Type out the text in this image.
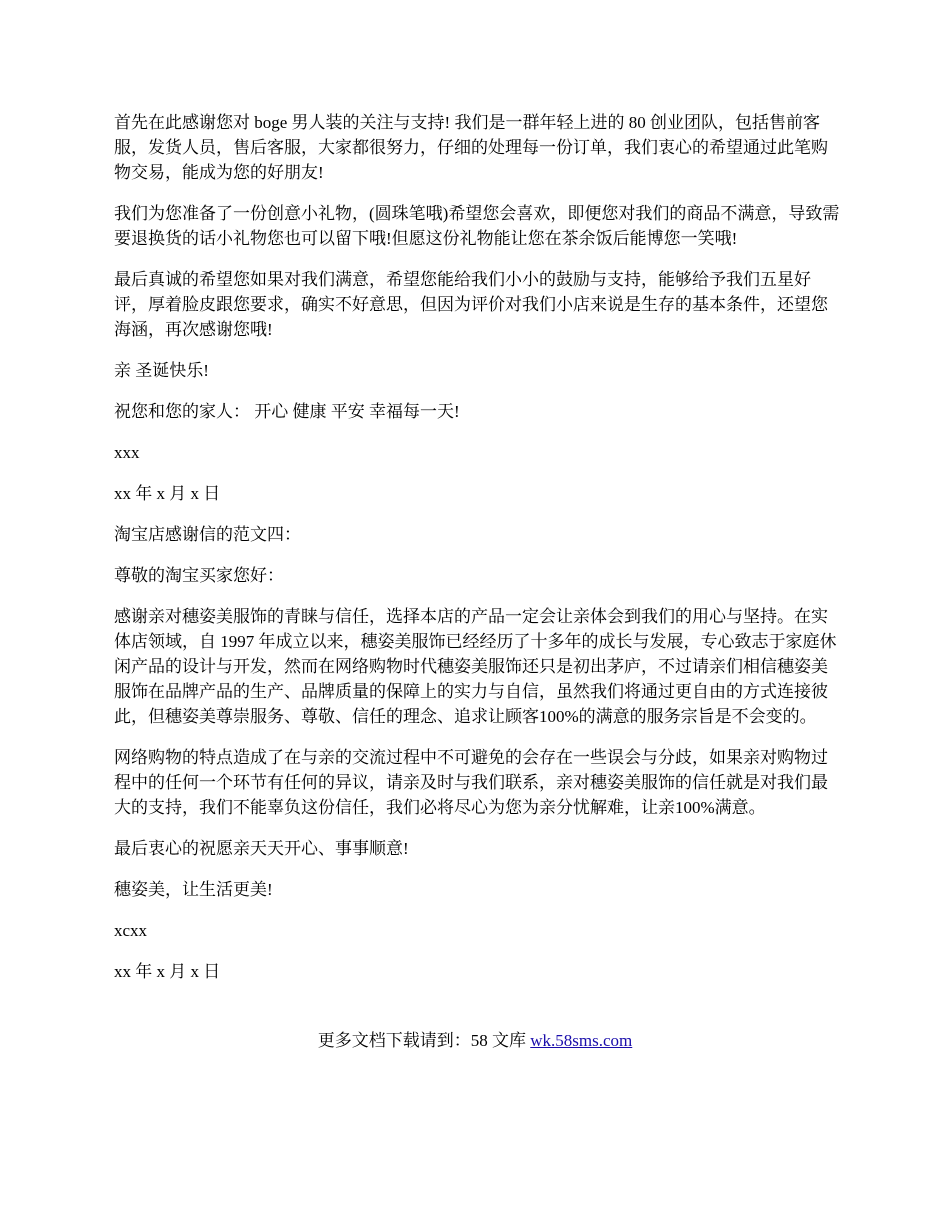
首先在此感谢您对 boge 男人装的关注与支持! 我们是一群年轻上进的 80 创业团队，包括售前客服，发货人员，售后客服，大家都很努力，仔细的处理每一份订单，我们衷心的希望通过此笔购物交易，能成为您的好朋友!

我们为您准备了一份创意小礼物，(圆珠笔哦)希望您会喜欢，即便您对我们的商品不满意，导致需要退换货的话小礼物您也可以留下哦!但愿这份礼物能让您在茶余饭后能博您一笑哦!

最后真诚的希望您如果对我们满意，希望您能给我们小小的鼓励与支持，能够给予我们五星好评，厚着脸皮跟您要求，确实不好意思，但因为评价对我们小店来说是生存的基本条件，还望您海涵，再次感谢您哦!

亲 圣诞快乐!

祝您和您的家人： 开心 健康 平安 幸福每一天!

xxx

xx 年 x 月 x 日

淘宝店感谢信的范文四：

尊敬的淘宝买家您好：

感谢亲对穗姿美服饰的青睐与信任，选择本店的产品一定会让亲体会到我们的用心与坚持。在实体店领域，自 1997 年成立以来，穗姿美服饰已经经历了十多年的成长与发展，专心致志于家庭休闲产品的设计与开发，然而在网络购物时代穗姿美服饰还只是初出茅庐，不过请亲们相信穗姿美服饰在品牌产品的生产、品牌质量的保障上的实力与自信，虽然我们将通过更自由的方式连接彼此，但穗姿美尊崇服务、尊敬、信任的理念、追求让顾客100%的满意的服务宗旨是不会变的。

网络购物的特点造成了在与亲的交流过程中不可避免的会存在一些误会与分歧，如果亲对购物过程中的任何一个环节有任何的异议，请亲及时与我们联系，亲对穗姿美服饰的信任就是对我们最大的支持，我们不能辜负这份信任，我们必将尽心为您为亲分忧解难，让亲100%满意。

最后衷心的祝愿亲天天开心、事事顺意!

穗姿美，让生活更美!

xcxx

xx 年 x 月 x 日

更多文档下载请到：58 文库 wk.58sms.com
